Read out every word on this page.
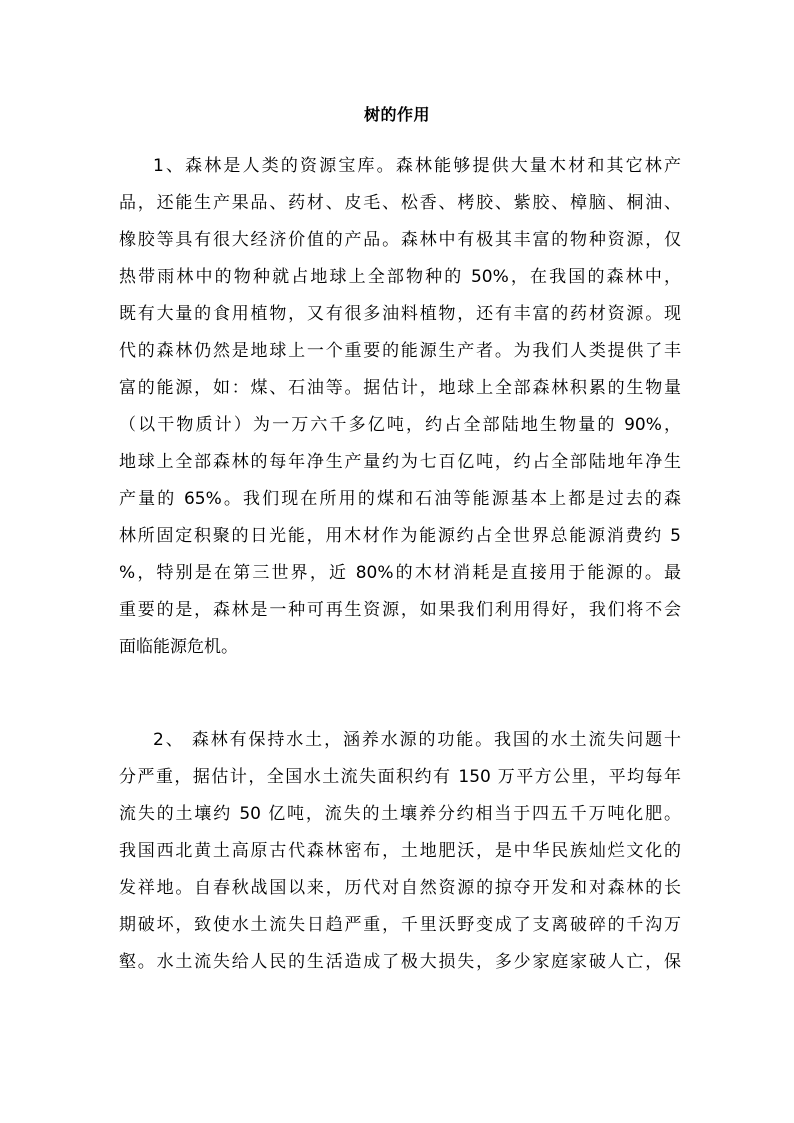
树的作用
1、森林是人类的资源宝库。森林能够提供大量木材和其它林产
品，还能生产果品、药材、皮毛、松香、栲胶、紫胶、樟脑、桐油、
橡胶等具有很大经济价值的产品。森林中有极其丰富的物种资源，仅
热带雨林中的物种就占地球上全部物种的 50%，在我国的森林中，
既有大量的食用植物，又有很多油料植物，还有丰富的药材资源。现
代的森林仍然是地球上一个重要的能源生产者。为我们人类提供了丰
富的能源，如：煤、石油等。据估计，地球上全部森林积累的生物量
（以干物质计）为一万六千多亿吨，约占全部陆地生物量的 90%，
地球上全部森林的每年净生产量约为七百亿吨，约占全部陆地年净生
产量的 65%。我们现在所用的煤和石油等能源基本上都是过去的森
林所固定积聚的日光能，用木材作为能源约占全世界总能源消费约 5
%，特别是在第三世界，近 80%的木材消耗是直接用于能源的。最
重要的是，森林是一种可再生资源，如果我们利用得好，我们将不会
面临能源危机。
2、 森林有保持水土，涵养水源的功能。我国的水土流失问题十
分严重，据估计，全国水土流失面积约有 150 万平方公里，平均每年
流失的土壤约 50 亿吨，流失的土壤养分约相当于四五千万吨化肥。
我国西北黄土高原古代森林密布，土地肥沃，是中华民族灿烂文化的
发祥地。自春秋战国以来，历代对自然资源的掠夺开发和对森林的长
期破坏，致使水土流失日趋严重，千里沃野变成了支离破碎的千沟万
壑。水土流失给人民的生活造成了极大损失，多少家庭家破人亡，保
